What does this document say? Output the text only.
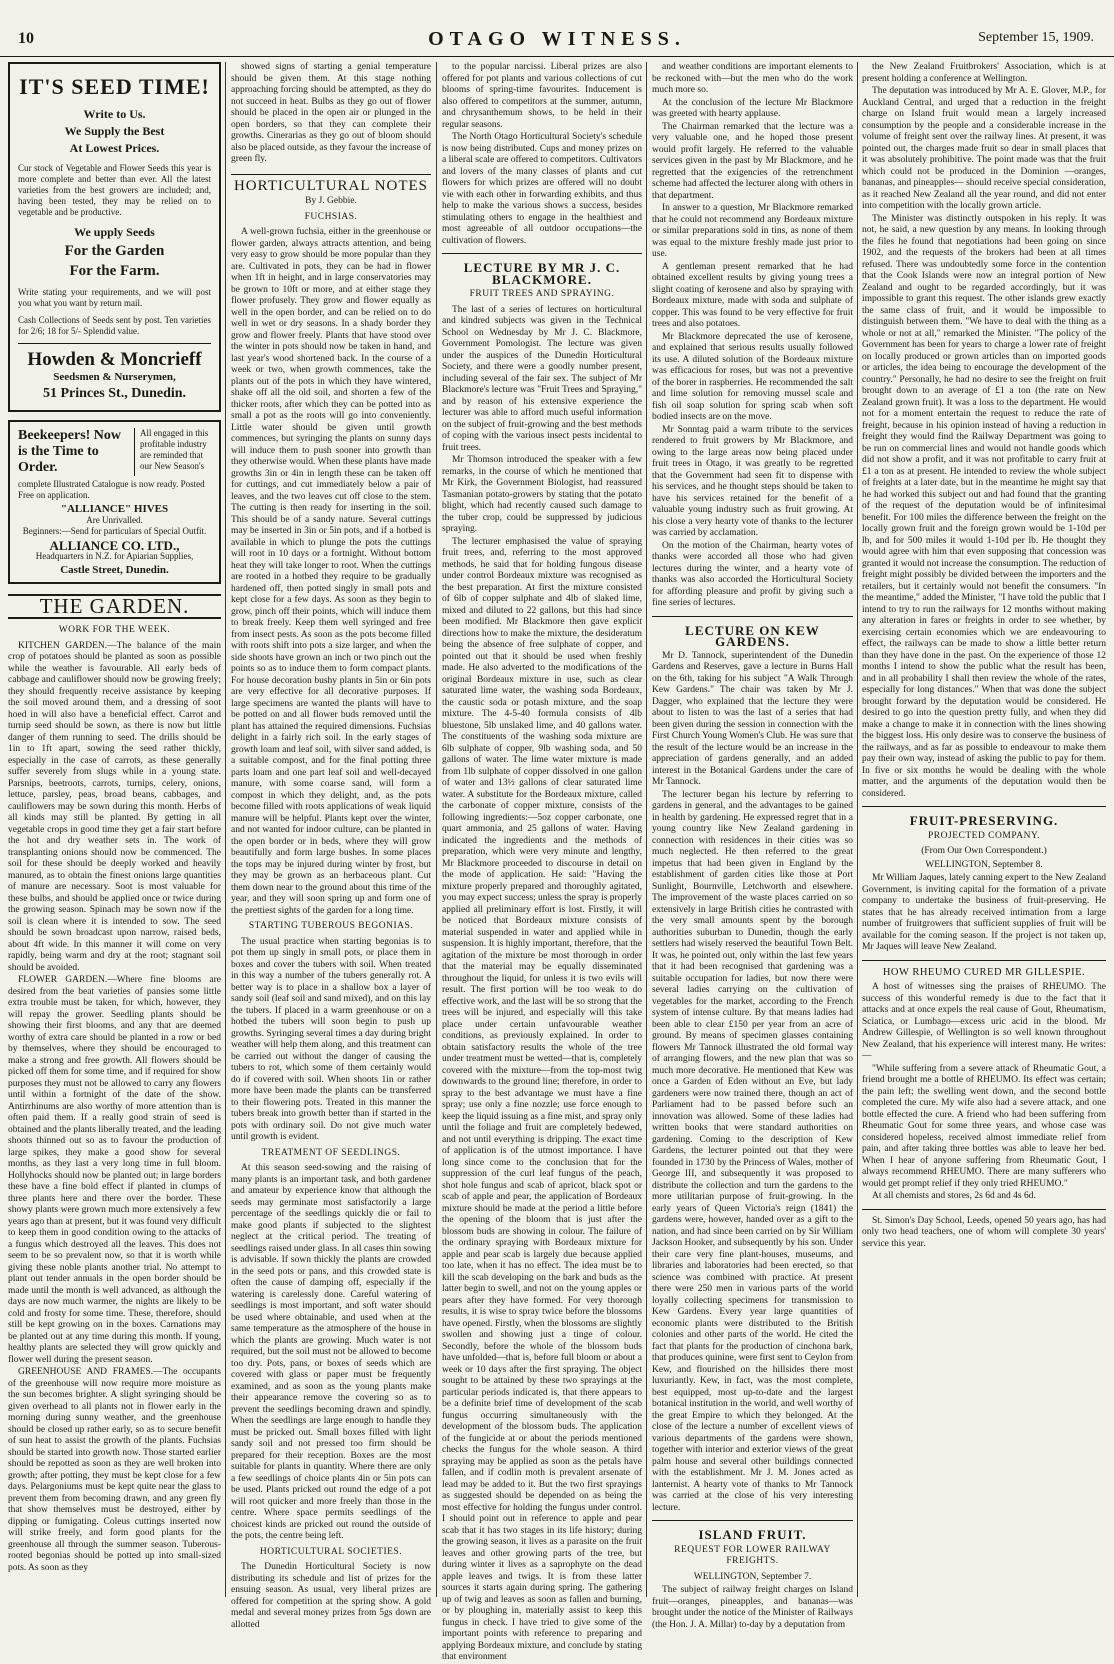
10	OTAGO WITNESS.	September 15, 1909.
IT'S SEED TIME!
Write to Us.
We Supply the Best
At Lowest Prices.
Cur stock of Vegetable and Flower Seeds this year is more complete and better than ever. All the latest varieties from the best growers are included; and, having been tested, they may be relied on to vegetable and be productive.
We upply Seeds
For the Garden
For the Farm.
Write stating your requirements, and we will post you what you want by return mail.
Cash Collections of Seeds sent by post. Ten varieties for 2/6; 18 for 5/- Splendid value.
Howden & Moncrieff
Seedsmen & Nurserymen,
51 Princes St., Dunedin.
Beekeepers! Now is the Time to Order.
All engaged in this profitable industry are reminded that our New Season's
complete Illustrated Catalogue is now ready. Posted Free on application.
"ALLIANCE" HIVES
Are Unrivalled.
Beginners:—Send for particulars of Special Outfit.
ALLIANCE CO. LTD.,
Headquarters in N.Z. for Apiarian Supplies,
Castle Street, Dunedin.
THE GARDEN.
WORK FOR THE WEEK.

KITCHEN GARDEN.—The balance of the main crop of potatoes should be planted as soon as possible while the weather is favourable. All early beds of cabbage and cauliflower should now be growing freely; they should frequently receive assistance by keeping the soil moved around them, and a dressing of soot hoed in will also have a beneficial effect. Carrot and turnip seed should be sown, as there is now but little danger of them running to seed. The drills should be 1in to 1ft apart, sowing the seed rather thickly, especially in the case of carrots, as these generally suffer severely from slugs while in a young state. Parsnips, beetroots, carrots, turnips, celery, onions, lettuce, parsley, peas, broad beans, cabbages, and cauliflowers may be sown during this month. Herbs of all kinds may still be planted. By getting in all vegetable crops in good time they get a fair start before the hot and dry weather sets in. The work of transplanting onions should now be commenced. The soil for these should be deeply worked and heavily manured, as to obtain the finest onions large quantities of manure are necessary. Soot is most valuable for these bulbs, and should be applied once or twice during the growing season. Spinach may be sown now if the soil is clean where it is intended to sow. The seed should be sown broadcast upon narrow, raised beds, about 4ft wide. In this manner it will come on very rapidly, being warm and dry at the root; stagnant soil should be avoided.

FLOWER GARDEN.—Where fine blooms are desired from the beat varieties of pansies some little extra trouble must be taken, for which, however, they will repay the grower. Seedling plants should be showing their first blooms, and any that are deemed worthy of extra care should be planted in a row or bed by themselves, where they should be encouraged to make a strong and free growth. All flowers should be picked off them for some time, and if required for show purposes they must not be allowed to carry any flowers until within a fortnight of the date of the show. Antirrhinums are also worthy of more attention than is often paid them. If a really good strain of seed is obtained and the plants liberally treated, and the leading shoots thinned out so as to favour the production of large spikes, they make a good show for several months, as they last a very long time in full bloom. Hollyhocks should now be planted out; in large borders these have a fine bold effect if planted in clumps of three plants here and there over the border. These showy plants were grown much more extensively a few years ago than at present, but it was found very difficult to keep them in good condition owing to the attacks of a fungus which destroyed all the leaves. This does not seem to be so prevalent now, so that it is worth while giving these noble plants another trial. No attempt to plant out tender annuals in the open border should be made until the month is well advanced, as although the days are now much warmer, the nights are likely to be cold and frosty for some time. These, therefore, should still be kept growing on in the boxes. Carnations may be planted out at any time during this month. If young, healthy plants are selected they will grow quickly and flower well during the present season.

GREENHOUSE AND FRAMES.—The occupants of the greenhouse will now require more moisture as the sun becomes brighter. A slight syringing should be given overhead to all plants not in flower early in the morning during sunny weather, and the greenhouse should be closed up rather early, so as to secure benefit of sun heat to assist the growth of the plants. Fuchsias should be started into growth now. Those started earlier should be repotted as soon as they are well broken into growth; after potting, they must be kept close for a few days. Pelargoniums must be kept quite near the glass to prevent them from becoming drawn, and any green fly that show themselves must be destroyed, either by dipping or fumigating. Coleus cuttings inserted now will strike freely, and form good plants for the greenhouse all through the summer season. Tuberous-rooted begonias should be potted up into small-sized pots. As soon as they

showed signs of starting a genial temperature should be given them. At this stage nothing approaching forcing should be attempted, as they do not succeed in heat. Bulbs as they go out of flower should be placed in the open air or plunged in the open borders, so that they can complete their growths. Cinerarias as they go out of bloom should also be placed outside, as they favour the increase of green fly.

HORTICULTURAL NOTES
By J. Gebbie.
FUCHSIAS.

A well-grown fuchsia, either in the greenhouse or flower garden, always attracts attention, and being very easy to grow should be more popular than they are. Cultivated in pots, they can be had in flower when 1ft in height, and in large conservatories may be grown to 10ft or more, and at either stage they flower profusely. They grow and flower equally as well in the open border, and can be relied on to do well in wet or dry seasons. In a shady border they grow and flower freely. Plants that have stood over the winter in pots should now be taken in hand, and last year's wood shortened back. In the course of a week or two, when growth commences, take the plants out of the pots in which they have wintered, shake off all the old soil, and shorten a few of the thicker roots, after which they can be potted into as small a pot as the roots will go into conveniently. Little water should be given until growth commences, but syringing the plants on sunny days will induce them to push sooner into growth than they otherwise would. When these plants have made growths 3in or 4in in length these can be taken off for cuttings, and cut immediately below a pair of leaves, and the two leaves cut off close to the stem. The cutting is then ready for inserting in the soil. This should be of a sandy nature. Several cuttings may be inserted in 3in or 5in pots, and if a hotbed is available in which to plunge the pots the cuttings will root in 10 days or a fortnight. Without bottom heat they will take longer to root. When the cuttings are rooted in a hotbed they require to be gradually hardened off, then potted singly in small pots and kept close for a few days. As soon as they begin to grow, pinch off their points, which will induce them to break freely. Keep them well syringed and free from insect pests. As soon as the pots become filled with roots shift into pots a size larger, and when the side shoots have grown an inch or two pinch out the points so as to induce them to form compact plants. For house decoration bushy plants in 5in or 6in pots are very effective for all decorative purposes. If large specimens are wanted the plants will have to be potted on and all flower buds removed until the plant has attained the required dimensions. Fuchsias delight in a fairly rich soil. In the early stages of growth loam and leaf soil, with silver sand added, is a suitable compost, and for the final potting three parts loam and one part leaf soil and well-decayed manure, with some coarse sand, will form a compost in which they delight, and, as the pots become filled with roots applications of weak liquid manure will be helpful. Plants kept over the winter, and not wanted for indoor culture, can be planted in the open border or in beds, where they will grow beautifully and form large bushes. In some places the tops may be injured during winter by frost, but they may be grown as an herbaceous plant. Cut them down near to the ground about this time of the year, and they will soon spring up and form one of the prettiest sights of the garden for a long time.

STARTING TUBEROUS BEGONIAS.

The usual practice when starting begonias is to pot them up singly in small pots, or place them in boxes and cover the tubers with soil. When treated in this way a number of the tubers generally rot. A better way is to place in a shallow box a layer of sandy soil (leaf soil and sand mixed), and on this lay the tubers. If placed in a warm greenhouse or on a hotbed the tubers will soon begin to push up growths. Syringing several times a day during bright weather will help them along, and this treatment can be carried out without the danger of causing the tubers to rot, which some of them certainly would do if covered with soil. When shoots 1in or rather more have been made the plants can be transferred to their flowering pots. Treated in this manner the tubers break into growth better than if started in the pots with ordinary soil. Do not give much water until growth is evident.

TREATMENT OF SEEDLINGS.

At this season seed-sowing and the raising of many plants is an important task, and both gardener and amateur by experience know that although the seeds may germinate most satisfactorily a large percentage of the seedlings quickly die or fail to make good plants if subjected to the slightest neglect at the critical period. The treating of seedlings raised under glass. In all cases thin sowing is advisable. If sown thickly the plants are crowded in the seed pots or pans, and this crowded state is often the cause of damping off, especially if the watering is carelessly done. Careful watering of seedlings is most important, and soft water should be used where obtainable, and used when at the same temperature as the atmosphere of the house in which the plants are growing. Much water is not required, but the soil must not be allowed to become too dry. Pots, pans, or boxes of seeds which are covered with glass or paper must be frequently examined, and as soon as the young plants make their appearance remove the covering so as to prevent the seedlings becoming drawn and spindly. When the seedlings are large enough to handle they must be pricked out. Small boxes filled with light sandy soil and not pressed too firm should be prepared for their reception. Boxes are the most suitable for plants in quantity. Where there are only a few seedlings of choice plants 4in or 5in pots can be used. Plants pricked out round the edge of a pot will root quicker and more freely than those in the centre. Where space permits seedlings of the choicest kinds are pricked out round the outside of the pots, the centre being left.

HORTICULTURAL SOCIETIES.

The Dunedin Horticultural Society is now distributing its schedule and list of prizes for the ensuing season. As usual, very liberal prizes are offered for competition at the spring show. A gold medal and several money prizes from 5gs down are allotted

to the popular narcissi. Liberal prizes are also offered for pot plants and various collections of cut blooms of spring-time favourites. Inducement is also offered to competitors at the summer, autumn, and chrysanthemum shows, to be held in their regular seasons.

The North Otago Horticultural Society's schedule is now being distributed. Cups and money prizes on a liberal scale are offered to competitors. Cultivators and lovers of the many classes of plants and cut flowers for which prizes are offered will no doubt vie with each other in forwarding exhibits, and thus help to make the various shows a success, besides stimulating others to engage in the healthiest and most agreeable of all outdoor occupations—the cultivation of flowers.

LECTURE BY MR J. C. BLACKMORE.
FRUIT TREES AND SPRAYING.

The last of a series of lectures on horticultural and kindred subjects was given in the Technical School on Wednesday by Mr J. C. Blackmore, Government Pomologist. The lecture was given under the auspices of the Dunedin Horticultural Society, and there were a goodly number present, including several of the fair sex. The subject of Mr Blackmore's lecture was "Fruit Trees and Spraying," and by reason of his extensive experience the lecturer was able to afford much useful information on the subject of fruit-growing and the best methods of coping with the various insect pests incidental to fruit trees.

Mr Thomson introduced the speaker with a few remarks, in the course of which he mentioned that Mr Kirk, the Government Biologist, had reassured Tasmanian potato-growers by stating that the potato blight, which had recently caused such damage to the tuber crop, could be suppressed by judicious spraying.

The lecturer emphasised the value of spraying fruit trees, and, referring to the most approved methods, he said that for holding fungous disease under control Bordeaux mixture was recognised as the best preparation. At first the mixture consisted of 6lb of copper sulphate and 4lb of slaked lime, mixed and diluted to 22 gallons, but this had since been modified. Mr Blackmore then gave explicit directions how to make the mixture, the desideratum being the absence of free sulphate of copper, and pointed out that it should be used when freshly made. He also adverted to the modifications of the original Bordeaux mixture in use, such as clear saturated lime water, the washing soda Bordeaux, the caustic soda or potash mixture, and the soap mixture. The 4-5-40 formula consists of 4lb bluestone, 5lb unslaked lime, and 40 gallons water. The constituents of the washing soda mixture are 6lb sulphate of copper, 9lb washing soda, and 50 gallons of water. The lime water mixture is made from 1lb sulphate of copper dissolved in one gallon of water and 13½ gallons of clear saturated lime water. A substitute for the Bordeaux mixture, called the carbonate of copper mixture, consists of the following ingredients:—5oz copper carbonate, one quart ammonia, and 25 gallons of water. Having indicated the ingredients and the methods of preparation, which were very minute and lengthy, Mr Blackmore proceeded to discourse in detail on the mode of application. He said: "Having the mixture properly prepared and thoroughly agitated, you may expect success; unless the spray is properly applied all preliminary effort is lost. Firstly, it will be noticed that Bordeaux mixture consists of material suspended in water and applied while in suspension. It is highly important, therefore, that the agitation of the mixture be most thorough in order that the material may be equally disseminated throughout the liquid, for unless it is two evils will result. The first portion will be too weak to do effective work, and the last will be so strong that the trees will be injured, and especially will this take place under certain unfavourable weather conditions, as previously explained. In order to obtain satisfactory results the whole of the tree under treatment must be wetted—that is, completely covered with the mixture—from the top-most twig downwards to the ground line; therefore, in order to spray to the best advantage we must have a fine spray; use only a fine nozzle; use force enough to keep the liquid issuing as a fine mist, and spray only until the foliage and fruit are completely bedewed, and not until everything is dripping. The exact time of application is of the utmost importance. I have long since come to the conclusion that for the suppression of the curl leaf fungus of the peach, shot hole fungus and scab of apricot, black spot or scab of apple and pear, the application of Bordeaux mixture should be made at the period a little before the opening of the bloom that is just after the blossom buds are showing in colour. The failure of the ordinary spraying with Bordeaux mixture for apple and pear scab is largely due because applied too late, when it has no effect. The idea must be to kill the scab developing on the bark and buds as the latter begin to swell, and not on the young apples or pears after they have formed. For very thorough results, it is wise to spray twice before the blossoms have opened. Firstly, when the blossoms are slightly swollen and showing just a tinge of colour. Secondly, before the whole of the blossom buds have unfolded—that is, before full bloom or about a week or 10 days after the first spraying. The object sought to be attained by these two sprayings at the particular periods indicated is, that there appears to be a definite brief time of development of the scab fungus occurring simultaneously with the development of the blossom buds. The application of the fungicide at or about the periods mentioned checks the fungus for the whole season. A third spraying may be applied as soon as the petals have fallen, and if codlin moth is prevalent arsenate of lead may be added to it. But the two first sprayings as suggested should be depended on as being the most effective for holding the fungus under control. I should point out in reference to apple and pear scab that it has two stages in its life history; during the growing season, it lives as a parasite on the fruit leaves and other growing parts of the tree, but during winter it lives as a saprophyte on the dead apple leaves and twigs. It is from these latter sources it starts again during spring. The gathering up of twig and leaves as soon as fallen and burning, or by ploughing in, materially assist to keep this fungus in check. I have tried to give some of the important points with reference to preparing and applying Bordeaux mixture, and conclude by stating that environment

and weather conditions are important elements to be reckoned with—but the men who do the work much more so.

At the conclusion of the lecture Mr Blackmore was greeted with hearty applause.

The Chairman remarked that the lecture was a very valuable one, and he hoped those present would profit largely. He referred to the valuable services given in the past by Mr Blackmore, and he regretted that the exigencies of the retrenchment scheme had affected the lecturer along with others in that department.

In answer to a question, Mr Blackmore remarked that he could not recommend any Bordeaux mixture or similar preparations sold in tins, as none of them was equal to the mixture freshly made just prior to use.

A gentleman present remarked that he had obtained excellent results by giving young trees a slight coating of kerosene and also by spraying with Bordeaux mixture, made with soda and sulphate of copper. This was found to be very effective for fruit trees and also potatoes.

Mr Blackmore deprecated the use of kerosene, and explained that serious results usually followed its use. A diluted solution of the Bordeaux mixture was efficacious for roses, but was not a preventive of the borer in raspberries. He recommended the salt and lime solution for removing mussel scale and fish oil soap solution for spring scab when soft bodied insects are on the move.

Mr Sonntag paid a warm tribute to the services rendered to fruit growers by Mr Blackmore, and owing to the large areas now being placed under fruit trees in Otago, it was greatly to be regretted that the Government had seen fit to dispense with his services, and he thought steps should be taken to have his services retained for the benefit of a valuable young industry such as fruit growing. At his close a very hearty vote of thanks to the lecturer was carried by acclamation.

On the motion of the Chairman, hearty votes of thanks were accorded all those who had given lectures during the winter, and a hearty vote of thanks was also accorded the Horticultural Society for affording pleasure and profit by giving such a fine series of lectures.

LECTURE ON KEW GARDENS.

Mr D. Tannock, superintendent of the Dunedin Gardens and Reserves, gave a lecture in Burns Hall on the 6th, taking for his subject "A Walk Through Kew Gardens." The chair was taken by Mr J. Dagger, who explained that the lecture they were about to listen to was the last of a series that had been given during the session in connection with the First Church Young Women's Club. He was sure that the result of the lecture would be an increase in the appreciation of gardens generally, and an added interest in the Botanical Gardens under the care of Mr Tannock.

The lecturer began his lecture by referring to gardens in general, and the advantages to be gained in health by gardening. He expressed regret that in a young country like New Zealand gardening in connection with residences in their cities was so much neglected. He then referred to the great impetus that had been given in England by the establishment of garden cities like those at Port Sunlight, Bournville, Letchworth and elsewhere. The improvement of the waste places carried on so extensively in large British cities he contrasted with the very small amounts spent by the borough authorities suburban to Dunedin, though the early settlers had wisely reserved the beautiful Town Belt. It was, he pointed out, only within the last few years that it had been recognised that gardening was a suitable occupation for ladies, but now there were several ladies carrying on the cultivation of vegetables for the market, according to the French system of intense culture. By that means ladies had been able to clear £150 per year from an acre of ground. By means of specimen glasses containing flowers Mr Tannock illustrated the old formal way of arranging flowers, and the new plan that was so much more decorative. He mentioned that Kew was once a Garden of Eden without an Eve, but lady gardeners were now trained there, though an act of Parliament had to be passed before such an innovation was allowed. Some of these ladies had written books that were standard authorities on gardening. Coming to the description of Kew Gardens, the lecturer pointed out that they were founded in 1730 by the Princess of Wales, mother of George III, and subsequently it was proposed to distribute the collection and turn the gardens to the more utilitarian purpose of fruit-growing. In the early years of Queen Victoria's reign (1841) the gardens were, however, handed over as a gift to the nation, and had since been carried on by Sir William Jackson Hooker, and subsequently by his son. Under their care very fine plant-houses, museums, and libraries and laboratories had been erected, so that science was combined with practice. At present there were 250 men in various parts of the world loyally collecting specimens for transmission to Kew Gardens. Every year large quantities of economic plants were distributed to the British colonies and other parts of the world. He cited the fact that plants for the production of cinchona bark, that produces quinine, were first sent to Ceylon from Kew, and flourished on the hillsides there most luxuriantly. Kew, in fact, was the most complete, best equipped, most up-to-date and the largest botanical institution in the world, and well worthy of the great Empire to which they belonged. At the close of the lecture a number of excellent views of various departments of the gardens were shown, together with interior and exterior views of the great palm house and several other buildings connected with the establishment. Mr J. M. Jones acted as lanternist. A hearty vote of thanks to Mr Tannock was carried at the close of his very interesting lecture.

ISLAND FRUIT.
REQUEST FOR LOWER RAILWAY FREIGHTS.
WELLINGTON, September 7.

The subject of railway freight charges on Island fruit—oranges, pineapples, and bananas—was brought under the notice of the Minister of Railways (the Hon. J. A. Millar) to-day by a deputation from

the New Zealand Fruitbrokers' Association, which is at present holding a conference at Wellington.

The deputation was introduced by Mr A. E. Glover, M.P., for Auckland Central, and urged that a reduction in the freight charge on Island fruit would mean a largely increased consumption by the people and a considerable increase in the volume of freight sent over the railway lines. At present, it was pointed out, the charges made fruit so dear in small places that it was absolutely prohibitive. The point made was that the fruit which could not be produced in the Dominion —oranges, bananas, and pineapples— should receive special consideration, as it reached New Zealand all the year round, and did not enter into competition with the locally grown article.

The Minister was distinctly outspoken in his reply. It was not, he said, a new question by any means. In looking through the files he found that negotiations had been going on since 1902, and the requests of the brokers had been at all times refused. There was undoubtedly some force in the contention that the Cook Islands were now an integral portion of New Zealand and ought to be regarded accordingly, but it was impossible to grant this request. The other islands grew exactly the same class of fruit, and it would be impossible to distinguish between them. "We have to deal with the thing as a whole or not at all," remarked the Minister. "The policy of the Government has been for years to charge a lower rate of freight on locally produced or grown articles than on imported goods or articles, the idea being to encourage the development of the country." Personally, he had no desire to see the freight on fruit brought down to an average of £1 a ton (the rate on New Zealand grown fruit). It was a loss to the department. He would not for a moment entertain the request to reduce the rate of freight, because in his opinion instead of having a reduction in freight they would find the Railway Department was going to be run on commercial lines and would not handle goods which did not show a profit, and it was not profitable to carry fruit at £1 a ton as at present. He intended to review the whole subject of freights at a later date, but in the meantime he might say that he had worked this subject out and had found that the granting of the request of the deputation would be of infinitesimal benefit. For 100 miles the difference between the freight on the locally grown fruit and the foreign grown would be 1-10d per lb, and for 500 miles it would 1-10d per lb. He thought they would agree with him that even supposing that concession was granted it would not increase the consumption. The reduction of freight might possibly be divided between the importers and the retailers, but it certainly would not benefit the consumers. "In the meantime," added the Minister, "I have told the public that I intend to try to run the railways for 12 months without making any alteration in fares or freights in order to see whether, by exercising certain economies which we are endeavouring to effect, the railways can be made to show a little better return than they have done in the past. On the experience of those 12 months I intend to show the public what the result has been, and in all probability I shall then review the whole of the rates, especially for long distances." When that was done the subject brought forward by the deputation would be considered. He desired to go into the question pretty fully, and when they did make a change to make it in connection with the lines showing the biggest loss. His only desire was to conserve the business of the railways, and as far as possible to endeavour to make them pay their own way, instead of asking the public to pay for them. In five or six months he would be dealing with the whole matter, and the arguments of the deputation would then be considered.

FRUIT-PRESERVING.
PROJECTED COMPANY.
(From Our Own Correspondent.)
WELLINGTON, September 8.

Mr William Jaques, lately canning expert to the New Zealand Government, is inviting capital for the formation of a private company to undertake the business of fruit-preserving. He states that he has already received intimation from a large number of fruitgrowers that sufficient supplies of fruit will be available for the coming season. If the project is not taken up, Mr Jaques will leave New Zealand.

HOW RHEUMO CURED MR GILLESPIE.

A host of witnesses sing the praises of RHEUMO. The success of this wonderful remedy is due to the fact that it attacks and at once expels the real cause of Gout, Rheumatism, Sciatica, or Lumbago—excess uric acid in the blood. Mr Andrew Gillespie, of Wellington is so well known throughout New Zealand, that his experience will interest many. He writes:—

"While suffering from a severe attack of Rheumatic Gout, a friend brought me a bottle of RHEUMO. Its effect was certain; the pain left; the swelling went down, and the second bottle completed the cure. My wife also had a severe attack, and one bottle effected the cure. A friend who had been suffering from Rheumatic Gout for some three years, and whose case was considered hopeless, received almost immediate relief from pain, and after taking three bottles was able to leave her bed. When I hear of anyone suffering from Rheumatic Gout, I always recommend RHEUMO. There are many sufferers who would get prompt relief if they only tried RHEUMO."

At all chemists and stores, 2s 6d and 4s 6d.

St. Simon's Day School, Leeds, opened 50 years ago, has had only two head teachers, one of whom will complete 30 years' service this year.
